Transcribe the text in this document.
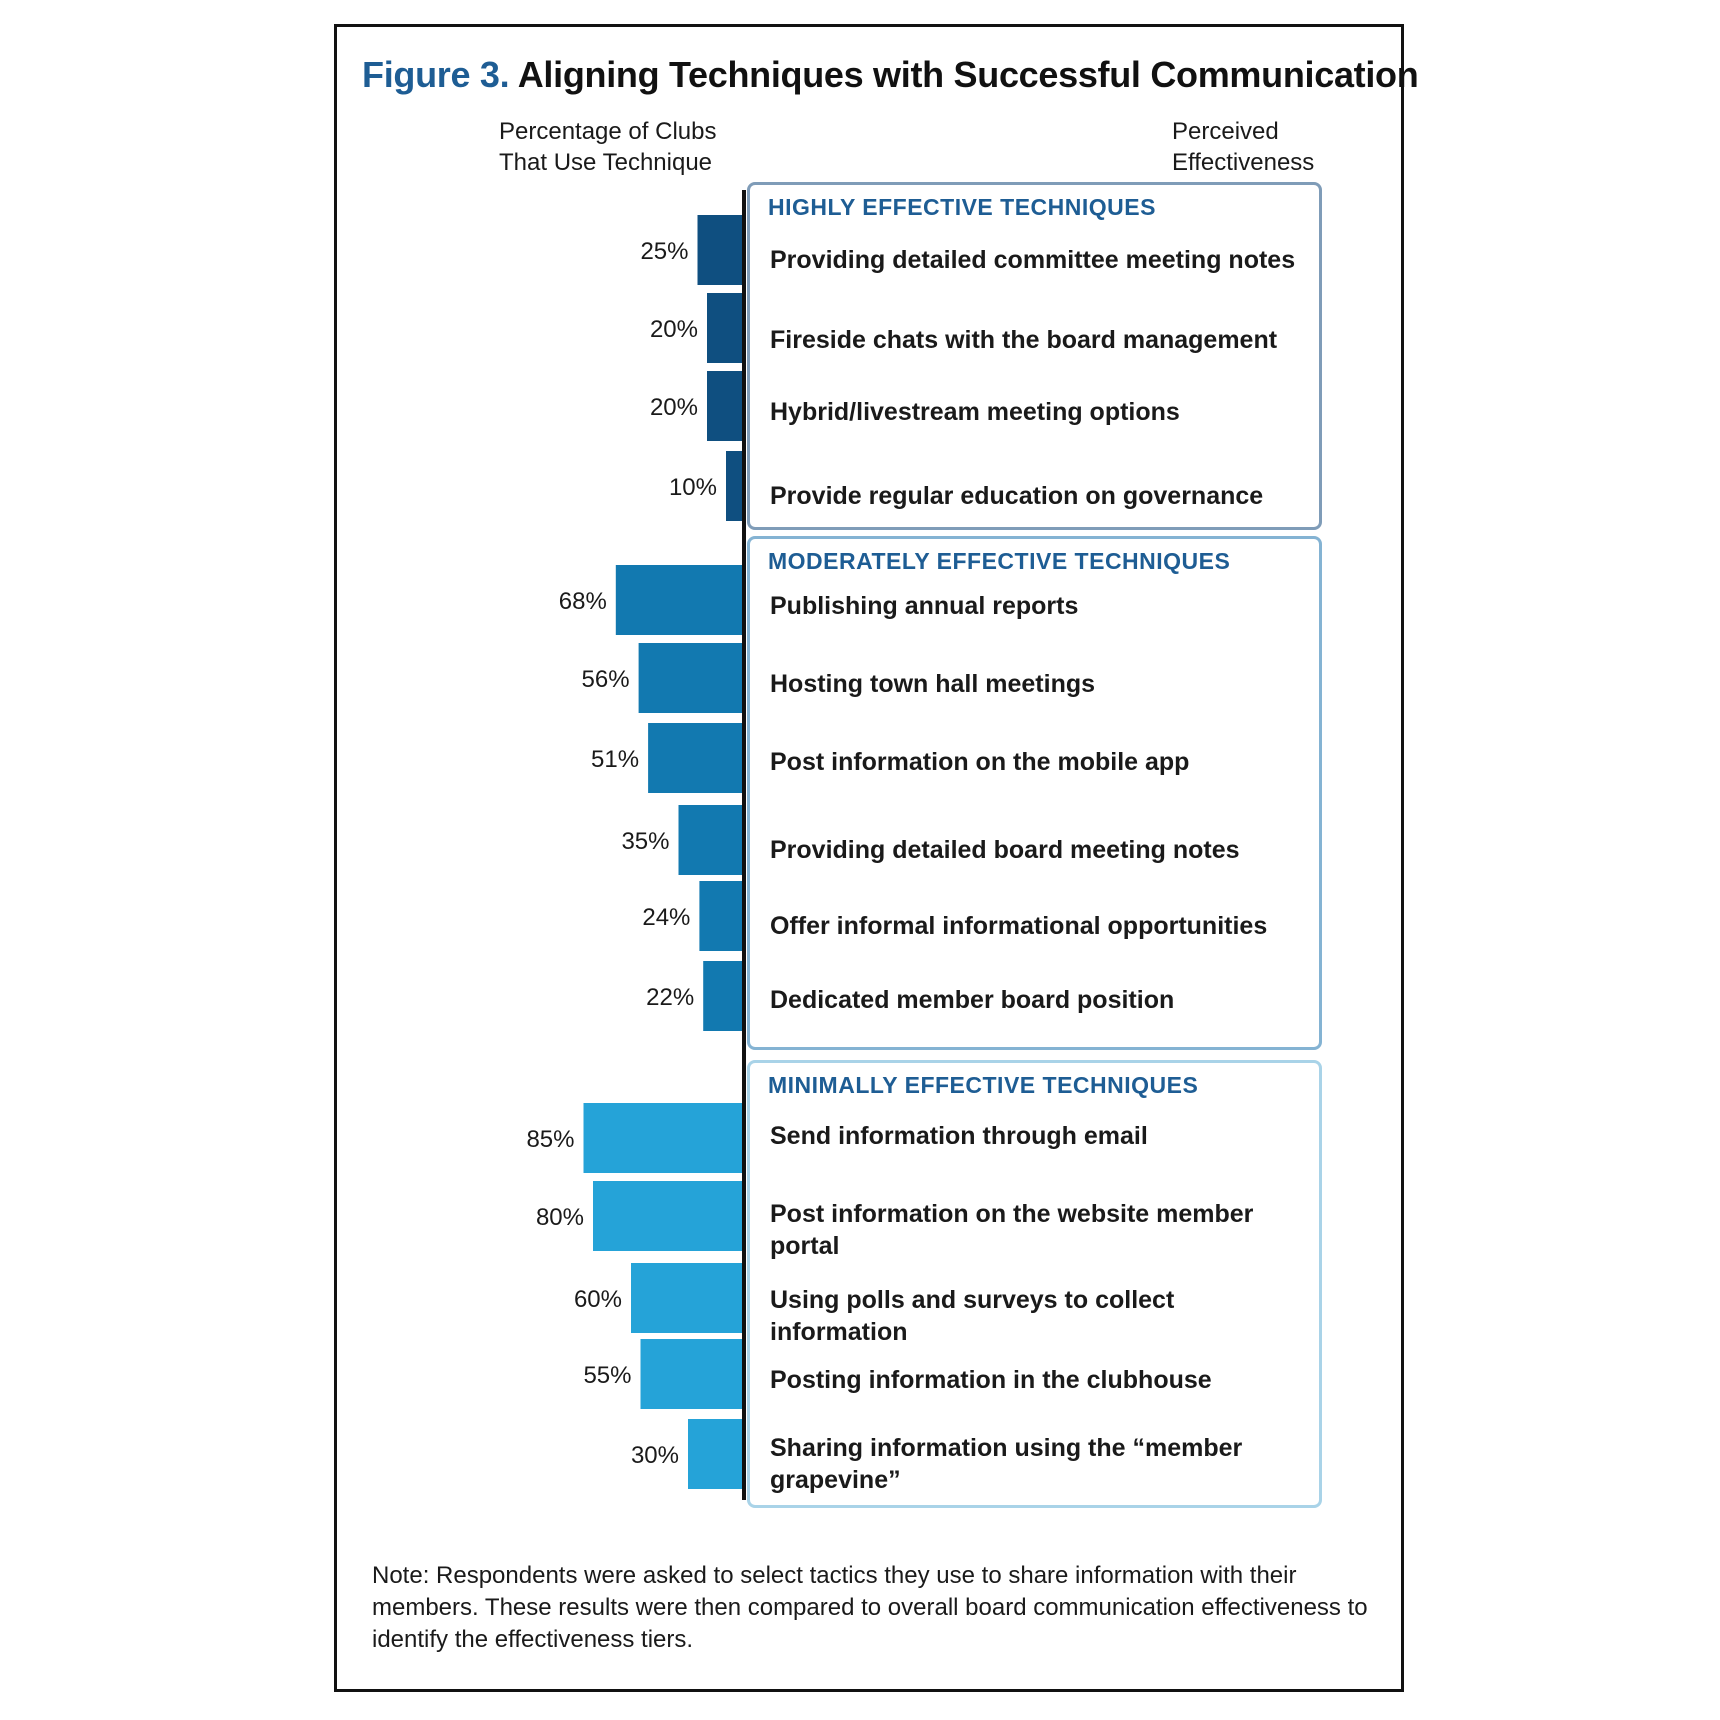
Figure 3. Aligning Techniques with Successful Communication
Percentage of Clubs
That Use Technique
Perceived
Effectiveness
HIGHLY EFFECTIVE TECHNIQUES
25%	Providing detailed committee meeting notes
20%	Fireside chats with the board management
20%	Hybrid/livestream meeting options
10% Provide regular education on governance
MODERATELY EFFECTIVE TECHNIQUES
68%	Publishing annual reports
56%	Hosting town hall meetings
51%	Post information on the mobile app
35%	Providing detailed board meeting notes
24%	Offer informal informational opportunities
22%	Dedicated member board position
MINIMALLY EFFECTIVE TECHNIQUES
85%	Send information through email
80%	Post information on the website member portal
60%	Using polls and surveys to collect information
55%	Posting information in the clubhouse
30%	Sharing information using the “member grapevine”
Note: Respondents were asked to select tactics they use to share information with their members. These results were then compared to overall board communication effectiveness to identify the effectiveness tiers.
